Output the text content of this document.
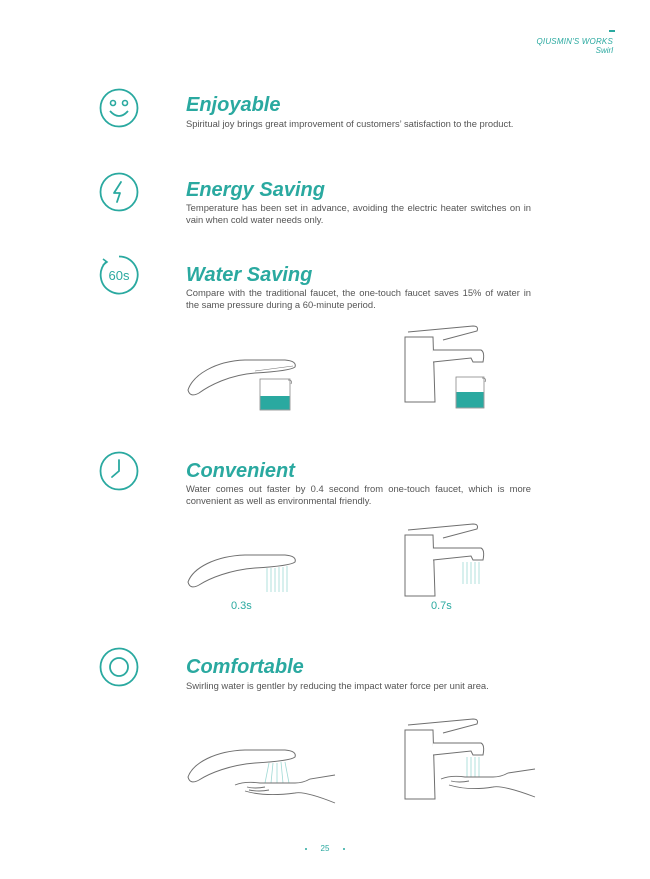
QIUSMIN'S WORKS
Swirl
Enjoyable
Spiritual joy brings great improvement of customers’ satisfaction to the product.
Energy Saving
Temperature has been set in advance, avoiding the electric heater switches on in vain when cold water needs only.
60s	Water Saving
Compare with the traditional faucet, the one-touch faucet saves 15% of water in the same pressure during a 60-minute period.
Convenient
Water comes out faster by 0.4 second from one-touch faucet, which is more convenient as well as environmental friendly.
0.3s	0.7s
Comfortable
Swirling water is gentler by reducing the impact water force per unit area.
25
